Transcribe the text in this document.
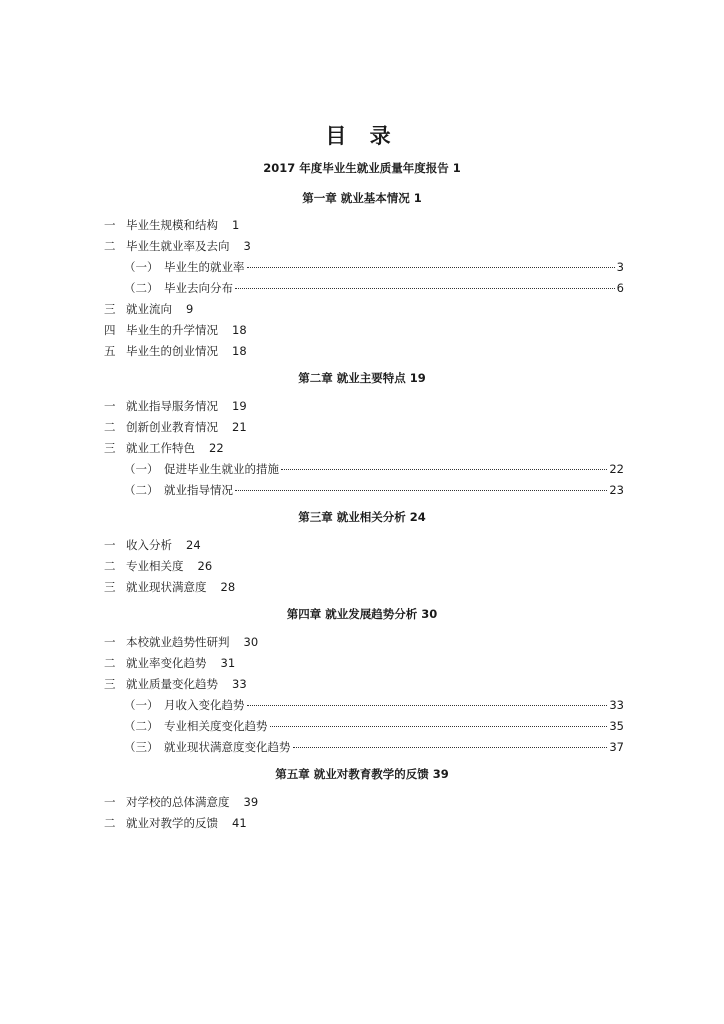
目 录
2017 年度毕业生就业质量年度报告 1
第一章 就业基本情况 1
一 毕业生规模和结构 1
二 毕业生就业率及去向 3
（一） 毕业生的就业率	3
（二） 毕业去向分布	6
三 就业流向 9
四 毕业生的升学情况 18
五 毕业生的创业情况 18
第二章 就业主要特点 19
一 就业指导服务情况 19
二 创新创业教育情况 21
三 就业工作特色 22
（一） 促进毕业生就业的措施	22
（二） 就业指导情况	23
第三章 就业相关分析 24
一 收入分析 24
二 专业相关度 26
三 就业现状满意度 28
第四章 就业发展趋势分析 30
一 本校就业趋势性研判 30
二 就业率变化趋势 31
三 就业质量变化趋势 33
（一） 月收入变化趋势	33
（二） 专业相关度变化趋势	35
（三） 就业现状满意度变化趋势	37
第五章 就业对教育教学的反馈 39
一 对学校的总体满意度 39
二 就业对教学的反馈 41
